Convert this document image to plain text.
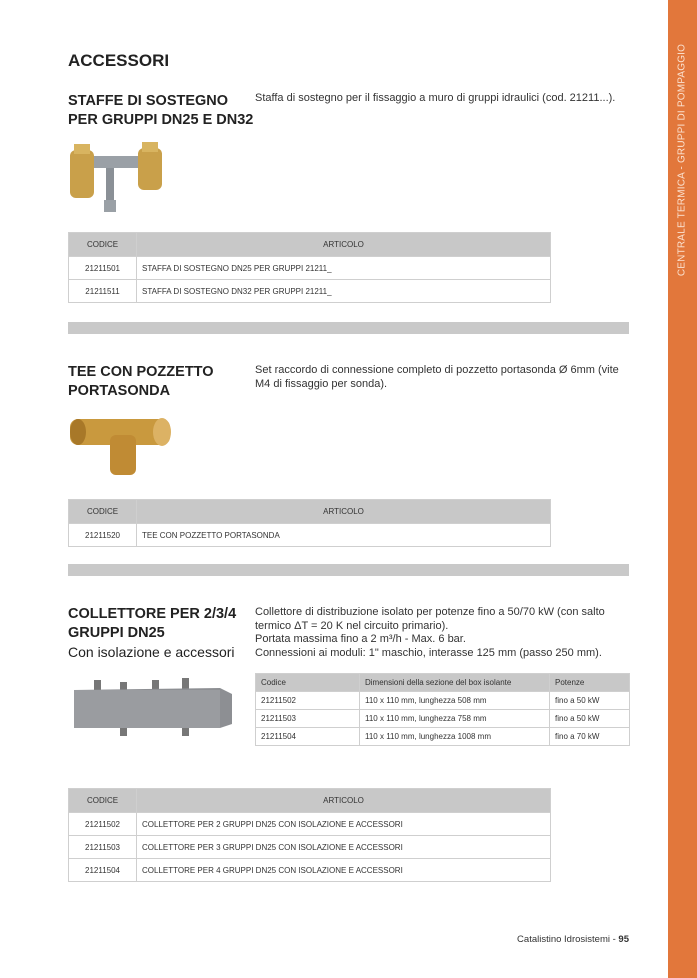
CENTRALE TERMICA - GRUPPI DI POMPAGGIO
ACCESSORI
STAFFE DI SOSTEGNO
PER GRUPPI DN25 E DN32
Staffa di sostegno per il fissaggio a muro di gruppi idraulici (cod. 21211...).
CODICE	ARTICOLO
21211501	STAFFA DI SOSTEGNO DN25 PER GRUPPI 21211_
21211511	STAFFA DI SOSTEGNO DN32 PER GRUPPI 21211_
TEE CON POZZETTO
PORTASONDA
Set raccordo di connessione completo di pozzetto portasonda Ø 6mm (vite M4 di fissaggio per sonda).
CODICE	ARTICOLO
21211520	TEE CON POZZETTO PORTASONDA
COLLETTORE PER 2/3/4
GRUPPI DN25
Con isolazione e accessori
Collettore di distribuzione isolato per potenze fino a 50/70 kW (con salto termico ΔT = 20 K nel circuito primario).
Portata massima fino a 2 m³/h - Max. 6 bar.
Connessioni ai moduli: 1" maschio, interasse 125 mm (passo 250 mm).
Codice	Dimensioni della sezione del box isolante	Potenze
21211502	110 x 110 mm, lunghezza 508 mm	fino a 50 kW
21211503	110 x 110 mm, lunghezza 758 mm	fino a 50 kW
21211504	110 x 110 mm, lunghezza 1008 mm	fino a 70 kW
CODICE	ARTICOLO
21211502	COLLETTORE PER 2 GRUPPI DN25 CON ISOLAZIONE E ACCESSORI
21211503	COLLETTORE PER 3 GRUPPI DN25 CON ISOLAZIONE E ACCESSORI
21211504	COLLETTORE PER 4 GRUPPI DN25 CON ISOLAZIONE E ACCESSORI
Catalistino Idrosistemi - 95
